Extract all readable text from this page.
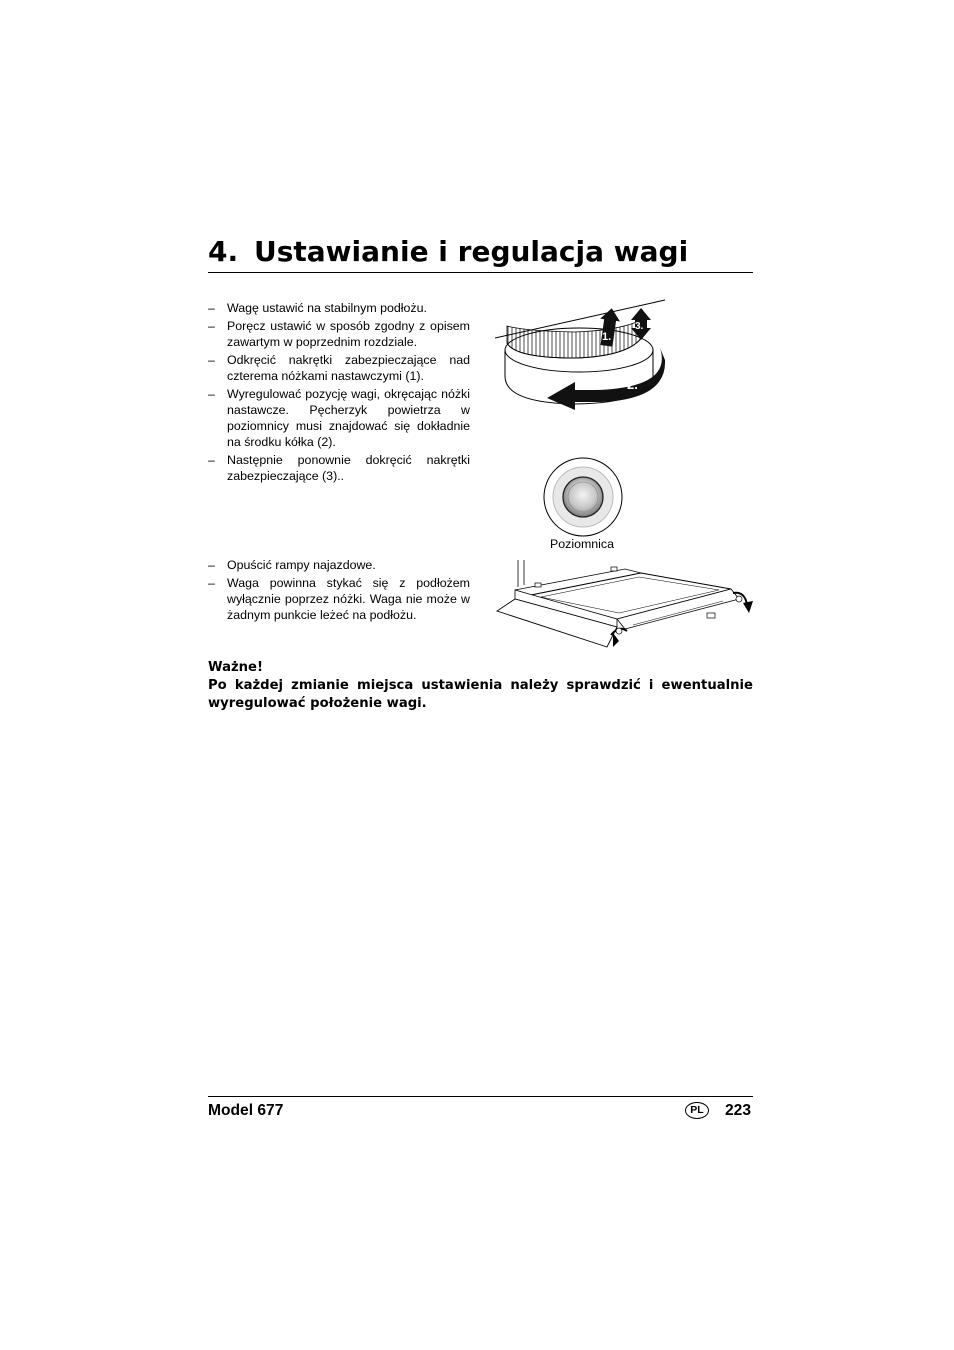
4. Ustawianie i regulacja wagi
– Wagę ustawić na stabilnym podłożu.
– Poręcz ustawić w sposób zgodny z opisem zawartym w poprzednim rozdziale.
– Odkręcić nakrętki zabezpieczające nad czterema nóżkami nastawczymi (1).
– Wyregulować pozycję wagi, okręcając nóżki nastawcze. Pęcherzyk powietrza w poziomnicy musi znajdować się dokładnie na środku kółka (2).
– Następnie ponownie dokręcić nakrętki zabezpieczające (3)..
– Opuścić rampy najazdowe.
– Waga powinna stykać się z podłożem wyłącznie poprzez nóżki. Waga nie może w żadnym punkcie leżeć na podłożu.
1.
3.
2.
Poziomnica

Ważne!

Po każdej zmianie miejsca ustawienia należy sprawdzić i ewentualnie wyregulować położenie wagi.

Model 677	PL	223
